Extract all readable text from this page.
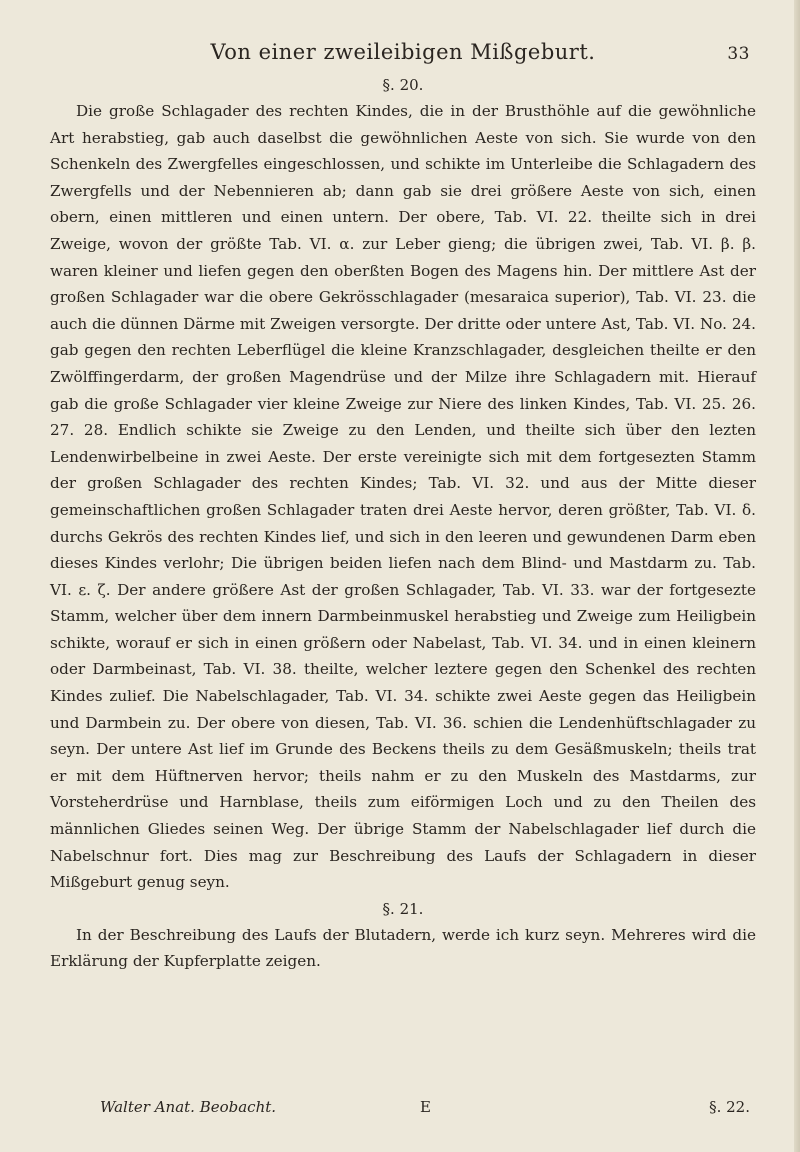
Von einer zweileibigen Mißgeburt.	33
§. 20.

Die große Schlagader des rechten Kindes, die in der Brusthöhle auf die gewöhnliche Art herabstieg, gab auch daselbst die gewöhnlichen Aeste von sich. Sie wurde von den Schenkeln des Zwergfelles eingeschlossen, und schikte im Unterleibe die Schlagadern des Zwergfells und der Nebennieren ab; dann gab sie drei größere Aeste von sich, einen obern, einen mittleren und einen untern. Der obere, Tab. VI. 22. theilte sich in drei Zweige, wovon der größte Tab. VI. α. zur Leber gieng; die übrigen zwei, Tab. VI. β. β. waren kleiner und liefen gegen den oberßten Bogen des Magens hin. Der mittlere Ast der großen Schlagader war die obere Gekrösschlagader (mesaraica superior), Tab. VI. 23. die auch die dünnen Därme mit Zweigen versorgte. Der dritte oder untere Ast, Tab. VI. No. 24. gab gegen den rechten Leberflügel die kleine Kranzschlagader, desgleichen theilte er den Zwölffingerdarm, der großen Magendrüse und der Milze ihre Schlagadern mit. Hierauf gab die große Schlagader vier kleine Zweige zur Niere des linken Kindes, Tab. VI. 25. 26. 27. 28. Endlich schikte sie Zweige zu den Lenden, und theilte sich über den lezten Lendenwirbelbeine in zwei Aeste. Der erste vereinigte sich mit dem fortgesezten Stamm der großen Schlagader des rechten Kindes; Tab. VI. 32. und aus der Mitte dieser gemeinschaftlichen großen Schlagader traten drei Aeste hervor, deren größter, Tab. VI. δ. durchs Gekrös des rechten Kindes lief, und sich in den leeren und gewundenen Darm eben dieses Kindes verlohr; Die übrigen beiden liefen nach dem Blind- und Mastdarm zu. Tab. VI. ε. ζ. Der andere größere Ast der großen Schlagader, Tab. VI. 33. war der fortgesezte Stamm, welcher über dem innern Darmbeinmuskel herabstieg und Zweige zum Heiligbein schikte, worauf er sich in einen größern oder Nabelast, Tab. VI. 34. und in einen kleinern oder Darmbeinast, Tab. VI. 38. theilte, welcher leztere gegen den Schenkel des rechten Kindes zulief. Die Nabelschlagader, Tab. VI. 34. schikte zwei Aeste gegen das Heiligbein und Darmbein zu. Der obere von diesen, Tab. VI. 36. schien die Lendenhüftschlagader zu seyn. Der untere Ast lief im Grunde des Beckens theils zu dem Gesäßmuskeln; theils trat er mit dem Hüftnerven hervor; theils nahm er zu den Muskeln des Mastdarms, zur Vorsteherdrüse und Harnblase, theils zum eiförmigen Loch und zu den Theilen des männlichen Gliedes seinen Weg. Der übrige Stamm der Nabelschlagader lief durch die Nabelschnur fort. Dies mag zur Beschreibung des Laufs der Schlagadern in dieser Mißgeburt genug seyn.

§. 21.

In der Beschreibung des Laufs der Blutadern, werde ich kurz seyn. Mehreres wird die Erklärung der Kupferplatte zeigen.

Walter Anat. Beobacht.	E	§. 22.
